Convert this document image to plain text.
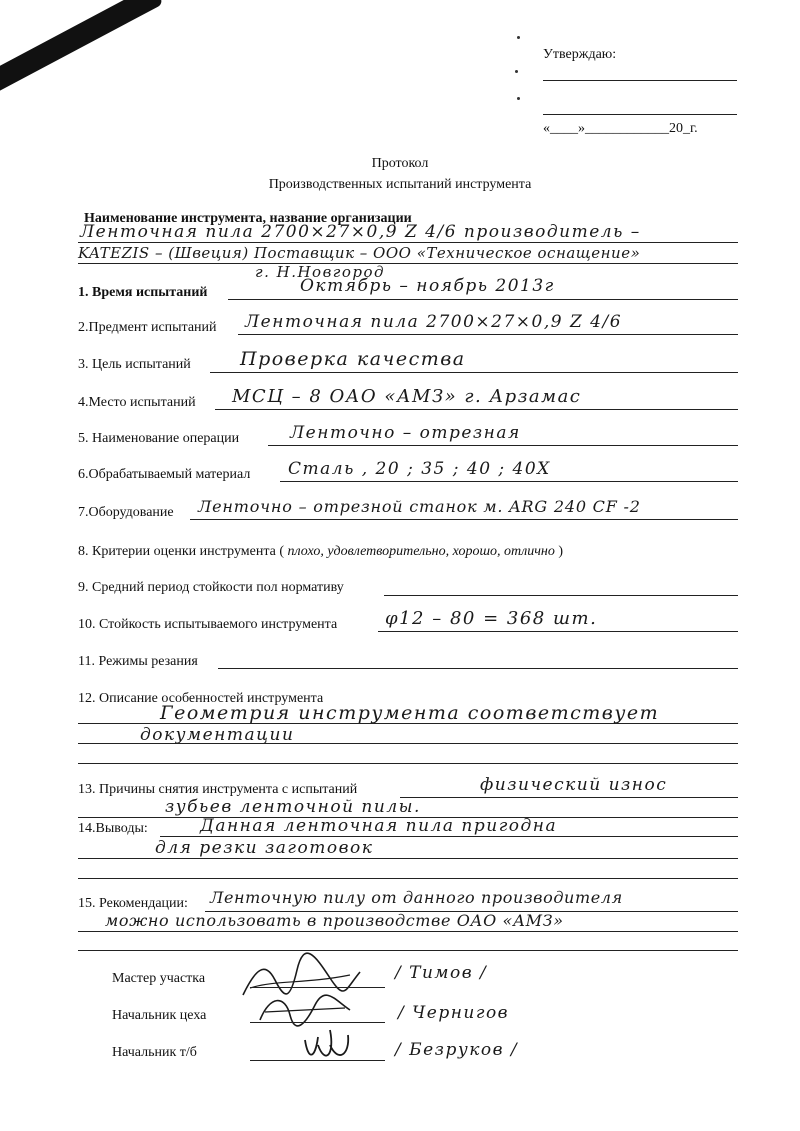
Утверждаю:
«____»____________20_г.
Протокол
Производственных испытаний инструмента
Наименование инструмента, название организации
Ленточная пила 2700×27×0,9 Z 4/6 производитель –
KATEZIS – (Швеция) Поставщик – ООО «Техническое оснащение»
г. Н.Новгород
1. Время испытаний	Октябрь – ноябрь 2013г
2.Предмент испытаний Ленточная пила 2700×27×0,9 Z 4/6
3. Цель испытаний	Проверка качества
4.Место испытаний МСЦ – 8 ОАО «АМЗ» г. Арзамас
5. Наименование операции	Ленточно – отрезная
6.Обрабатываемый материал Сталь , 20 ; 35 ; 40 ; 40Х
7.Оборудование Ленточно – отрезной станок м. ARG 240 CF -2
8. Критерии оценки инструмента ( плохо, удовлетворительно, хорошо, отлично )
9. Средний период стойкости пол нормативу
10. Стойкость испытываемого инструмента	φ12 – 80 = 368 шт.
11. Режимы резания
12. Описание особенностей инструмента
Геометрия инструмента соответствует
документации
13. Причины снятия инструмента с испытаний	физический износ
зубьев ленточной пилы.
14.Выводы:	Данная ленточная пила пригодна
для резки заготовок
15. Рекомендации: Ленточную пилу от данного производителя
можно использовать в производстве ОАО «АМЗ»
Мастер участка	/ Тимов /
Начальник цеха	/ Чернигов
Начальник т/б	/ Безруков /
